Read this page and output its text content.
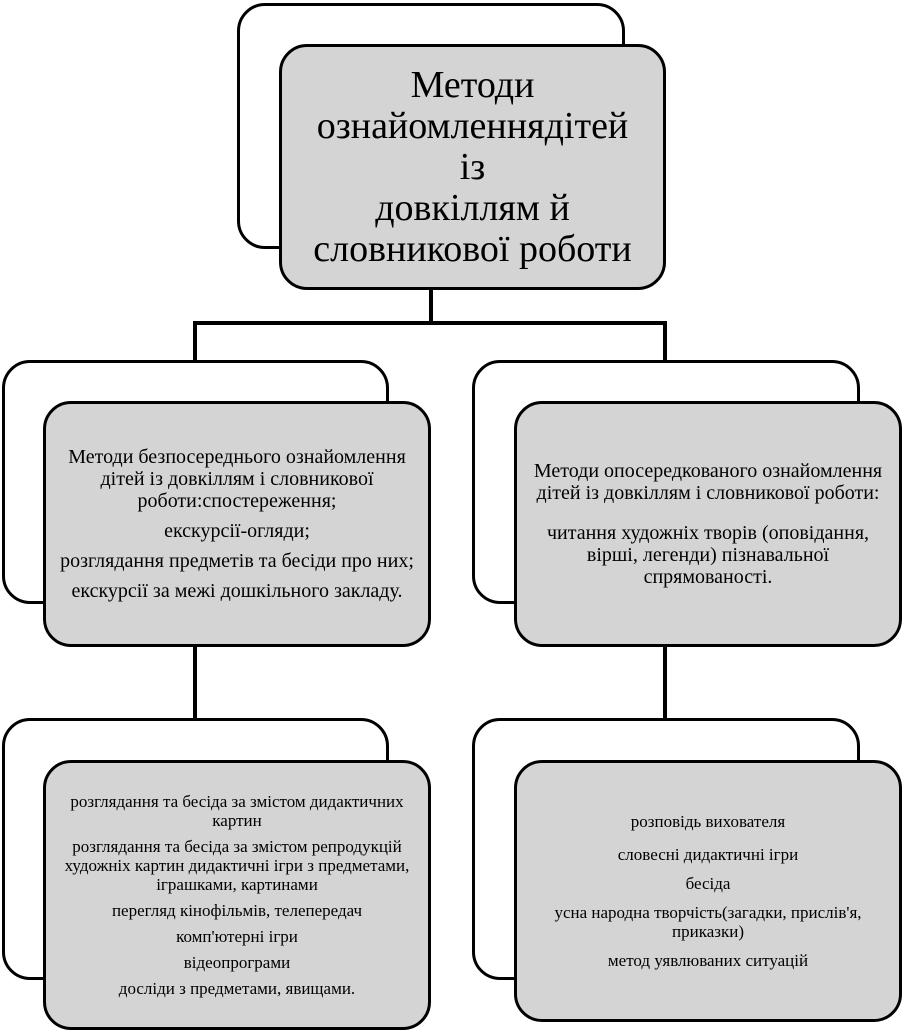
Методи
ознайомленнядітей із
довкіллям й
словникової роботи

Методи безпосереднього ознайомлення дітей із довкіллям і словникової роботи:спостереження;

екскурсії-огляди;

розглядання предметів та бесіди про них;

екскурсії за межі дошкільного закладу.

Методи опосередкованого ознайомлення дітей із довкіллям і словникової роботи:

читання художніх творів (оповідання, вірші, легенди) пізнавальної спрямованості.

розглядання та бесіда за змістом дидактичних картин

розглядання та бесіда за змістом репродукцій художніх картин дидактичні ігри з предметами, іграшками, картинами

перегляд кінофільмів, телепередач

комп'ютерні ігри

відеопрограми

досліди з предметами, явищами.

розповідь вихователя

словесні дидактичні ігри

бесіда

усна народна творчість(загадки, прислів'я, приказки)

метод уявлюваних ситуацій
